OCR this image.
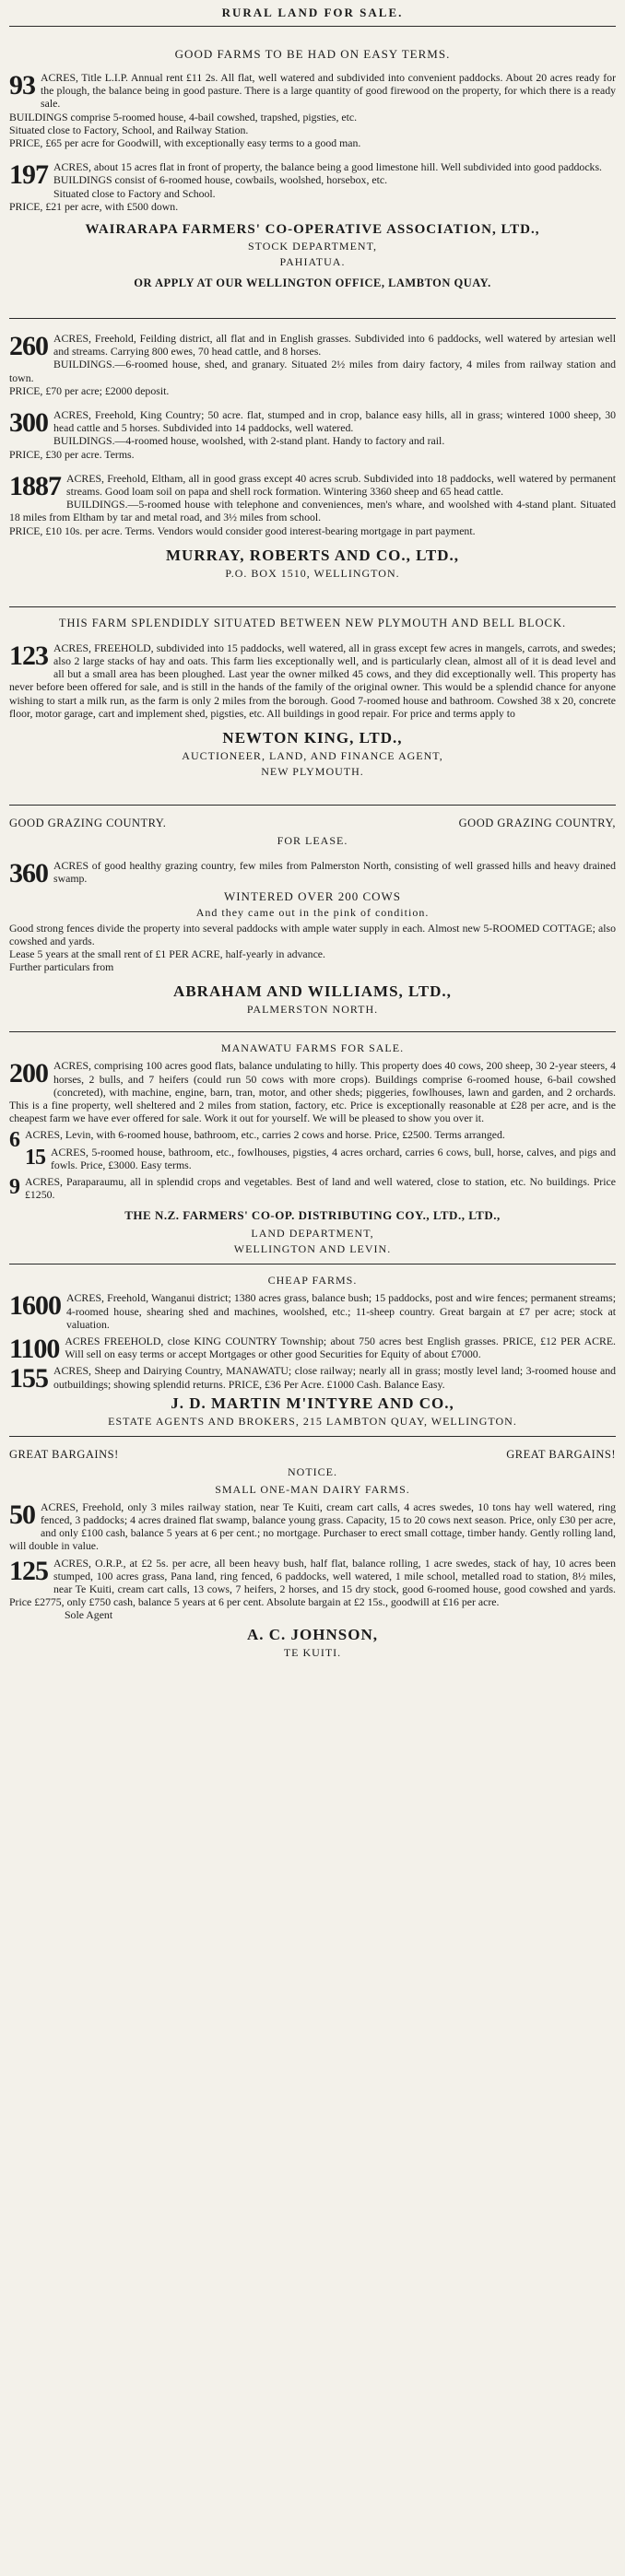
RURAL LAND FOR SALE.
GOOD FARMS TO BE HAD ON EASY TERMS.
93 ACRES, Title L.I.P. Annual rent £11 2s. All flat, well watered and subdivided into convenient paddocks. About 20 acres ready for the plough, the balance being in good pasture. There is a large quantity of good firewood on the property, for which there is a ready sale.

BUILDINGS comprise 5-roomed house, 4-bail cowshed, trapshed, pigsties, etc.

Situated close to Factory, School, and Railway Station.

PRICE, £65 per acre for Goodwill, with exceptionally easy terms to a good man.

197 ACRES, about 15 acres flat in front of property, the balance being a good limestone hill. Well subdivided into good paddocks.

BUILDINGS consist of 6-roomed house, cowbails, woolshed, horsebox, etc.

Situated close to Factory and School.

PRICE, £21 per acre, with £500 down.

WAIRARAPA FARMERS' CO-OPERATIVE ASSOCIATION, LTD.,
STOCK DEPARTMENT,
PAHIATUA.
OR APPLY AT OUR WELLINGTON OFFICE, LAMBTON QUAY.
260 ACRES, Freehold, Feilding district, all flat and in English grasses. Subdivided into 6 paddocks, well watered by artesian well and streams. Carrying 800 ewes, 70 head cattle, and 8 horses.

BUILDINGS.—6-roomed house, shed, and granary. Situated 2½ miles from dairy factory, 4 miles from railway station and town.

PRICE, £70 per acre; £2000 deposit.

300 ACRES, Freehold, King Country; 50 acre. flat, stumped and in crop, balance easy hills, all in grass; wintered 1000 sheep, 30 head cattle and 5 horses. Subdivided into 14 paddocks, well watered.

BUILDINGS.—4-roomed house, woolshed, with 2-stand plant. Handy to factory and rail.

PRICE, £30 per acre. Terms.

1887 ACRES, Freehold, Eltham, all in good grass except 40 acres scrub. Subdivided into 18 paddocks, well watered by permanent streams. Good loam soil on papa and shell rock formation. Wintering 3360 sheep and 65 head cattle.

BUILDINGS.—5-roomed house with telephone and conveniences, men's whare, and woolshed with 4-stand plant. Situated 18 miles from Eltham by tar and metal road, and 3½ miles from school.

PRICE, £10 10s. per acre. Terms. Vendors would consider good interest-bearing mortgage in part payment.

MURRAY, ROBERTS AND CO., LTD.,
P.O. BOX 1510, WELLINGTON.
THIS FARM SPLENDIDLY SITUATED BETWEEN NEW PLYMOUTH AND BELL BLOCK.
123 ACRES, FREEHOLD, subdivided into 15 paddocks, well watered, all in grass except few acres in mangels, carrots, and swedes; also 2 large stacks of hay and oats. This farm lies exceptionally well, and is particularly clean, almost all of it is dead level and all but a small area has been ploughed. Last year the owner milked 45 cows, and they did exceptionally well. This property has never before been offered for sale, and is still in the hands of the family of the original owner. This would be a splendid chance for anyone wishing to start a milk run, as the farm is only 2 miles from the borough. Good 7-roomed house and bathroom. Cowshed 38 x 20, concrete floor, motor garage, cart and implement shed, pigsties, etc. All buildings in good repair. For price and terms apply to

NEWTON KING, LTD.,
AUCTIONEER, LAND, AND FINANCE AGENT,
NEW PLYMOUTH.
GOOD GRAZING COUNTRY.	GOOD GRAZING COUNTRY,
FOR LEASE.
360 ACRES of good healthy grazing country, few miles from Palmerston North, consisting of well grassed hills and heavy drained swamp.

WINTERED OVER 200 COWS
And they came out in the pink of condition.

Good strong fences divide the property into several paddocks with ample water supply in each. Almost new 5-ROOMED COTTAGE; also cowshed and yards.

Lease 5 years at the small rent of £1 PER ACRE, half-yearly in advance.

Further particulars from

ABRAHAM AND WILLIAMS, LTD.,
PALMERSTON NORTH.
MANAWATU FARMS FOR SALE.
200 ACRES, comprising 100 acres good flats, balance undulating to hilly. This property does 40 cows, 200 sheep, 30 2-year steers, 4 horses, 2 bulls, and 7 heifers (could run 50 cows with more crops). Buildings comprise 6-roomed house, 6-bail cowshed (concreted), with machine, engine, barn, tran, motor, and other sheds; piggeries, fowlhouses, lawn and garden, and 2 orchards. This is a fine property, well sheltered and 2 miles from station, factory, etc. Price is exceptionally reasonable at £28 per acre, and is the cheapest farm we have ever offered for sale. Work it out for yourself. We will be pleased to show you over it.

6 ACRES, Levin, with 6-roomed house, bathroom, etc., carries 2 cows and horse. Price, £2500. Terms arranged.

15 ACRES, 5-roomed house, bathroom, etc., fowlhouses, pigsties, 4 acres orchard, carries 6 cows, bull, horse, calves, and pigs and fowls. Price, £3000. Easy terms.

9 ACRES, Paraparaumu, all in splendid crops and vegetables. Best of land and well watered, close to station, etc. No buildings. Price £1250.

THE N.Z. FARMERS' CO-OP. DISTRIBUTING COY., LTD., LTD.,
LAND DEPARTMENT,
WELLINGTON AND LEVIN.
CHEAP FARMS.
1600 ACRES, Freehold, Wanganui district; 1380 acres grass, balance bush; 15 paddocks, post and wire fences; permanent streams; 4-roomed house, shearing shed and machines, woolshed, etc.; 11-sheep country. Great bargain at £7 per acre; stock at valuation.

1100 ACRES FREEHOLD, close KING COUNTRY Township; about 750 acres best English grasses. PRICE, £12 PER ACRE. Will sell on easy terms or accept Mortgages or other good Securities for Equity of about £7000.

155 ACRES, Sheep and Dairying Country, MANAWATU; close railway; nearly all in grass; mostly level land; 3-roomed house and outbuildings; showing splendid returns. PRICE, £36 Per Acre. £1000 Cash. Balance Easy.

J. D. MARTIN M'INTYRE AND CO.,
ESTATE AGENTS AND BROKERS, 215 LAMBTON QUAY, WELLINGTON.
GREAT BARGAINS!	GREAT BARGAINS!
NOTICE.
SMALL ONE-MAN DAIRY FARMS.
50 ACRES, Freehold, only 3 miles railway station, near Te Kuiti, cream cart calls, 4 acres swedes, 10 tons hay well watered, ring fenced, 3 paddocks; 4 acres drained flat swamp, balance young grass. Capacity, 15 to 20 cows next season. Price, only £30 per acre, and only £100 cash, balance 5 years at 6 per cent.; no mortgage. Purchaser to erect small cottage, timber handy. Gently rolling land, will double in value.

125 ACRES, O.R.P., at £2 5s. per acre, all been heavy bush, half flat, balance rolling, 1 acre swedes, stack of hay, 10 acres been stumped, 100 acres grass, Pana land, ring fenced, 6 paddocks, well watered, 1 mile school, metalled road to station, 8½ miles, near Te Kuiti, cream cart calls, 13 cows, 7 heifers, 2 horses, and 15 dry stock, good 6-roomed house, good cowshed and yards. Price £2775, only £750 cash, balance 5 years at 6 per cent. Absolute bargain at £2 15s., goodwill at £16 per acre.

Sole Agent

A. C. JOHNSON,
TE KUITI.
